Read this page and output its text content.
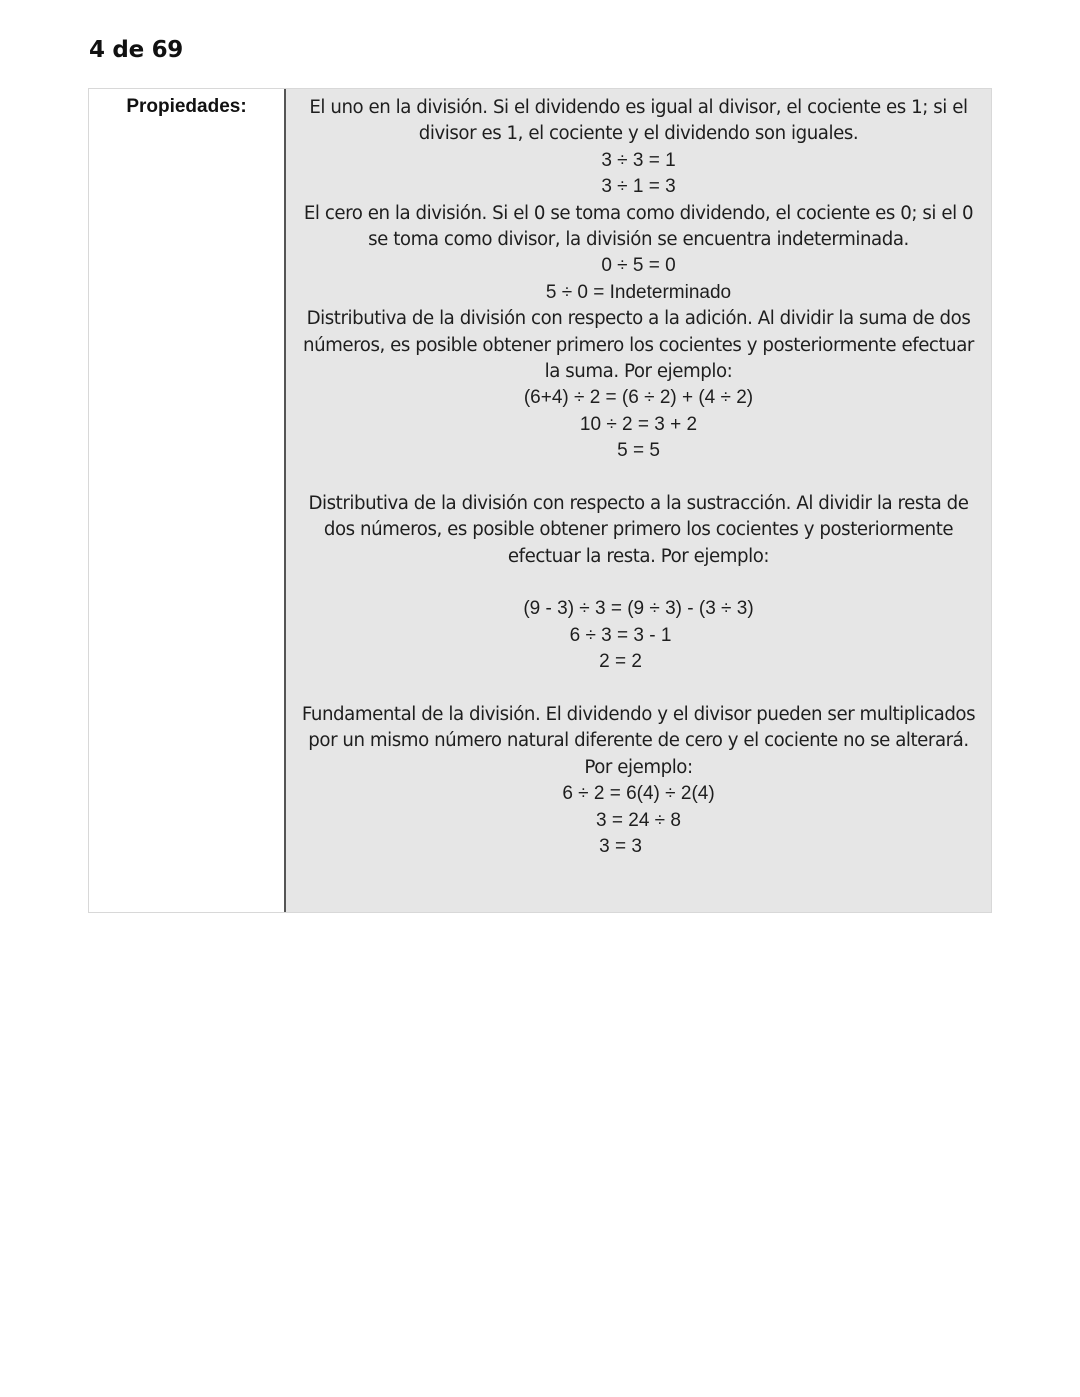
4 de 69
Propiedades:	El uno en la división. Si el dividendo es igual al divisor, el cociente es 1; si el
divisor es 1, el cociente y el dividendo son iguales.
3 ÷ 3 = 1
3 ÷ 1 = 3
El cero en la división. Si el 0 se toma como dividendo, el cociente es 0; si el 0
se toma como divisor, la división se encuentra indeterminada.
0 ÷ 5 = 0
5 ÷ 0 = Indeterminado
Distributiva de la división con respecto a la adición. Al dividir la suma de dos
números, es posible obtener primero los cocientes y posteriormente efectuar
la suma. Por ejemplo:
(6+4) ÷ 2 = (6 ÷ 2) + (4 ÷ 2)
10 ÷ 2 = 3 + 2
5 = 5
Distributiva de la división con respecto a la sustracción. Al dividir la resta de
dos números, es posible obtener primero los cocientes y posteriormente
efectuar la resta. Por ejemplo:
(9 - 3) ÷ 3 = (9 ÷ 3) - (3 ÷ 3)
6 ÷ 3 = 3 - 1
2 = 2
Fundamental de la división. El dividendo y el divisor pueden ser multiplicados
por un mismo número natural diferente de cero y el cociente no se alterará.
Por ejemplo:
6 ÷ 2 = 6(4) ÷ 2(4)
3 = 24 ÷ 8
3 = 3
